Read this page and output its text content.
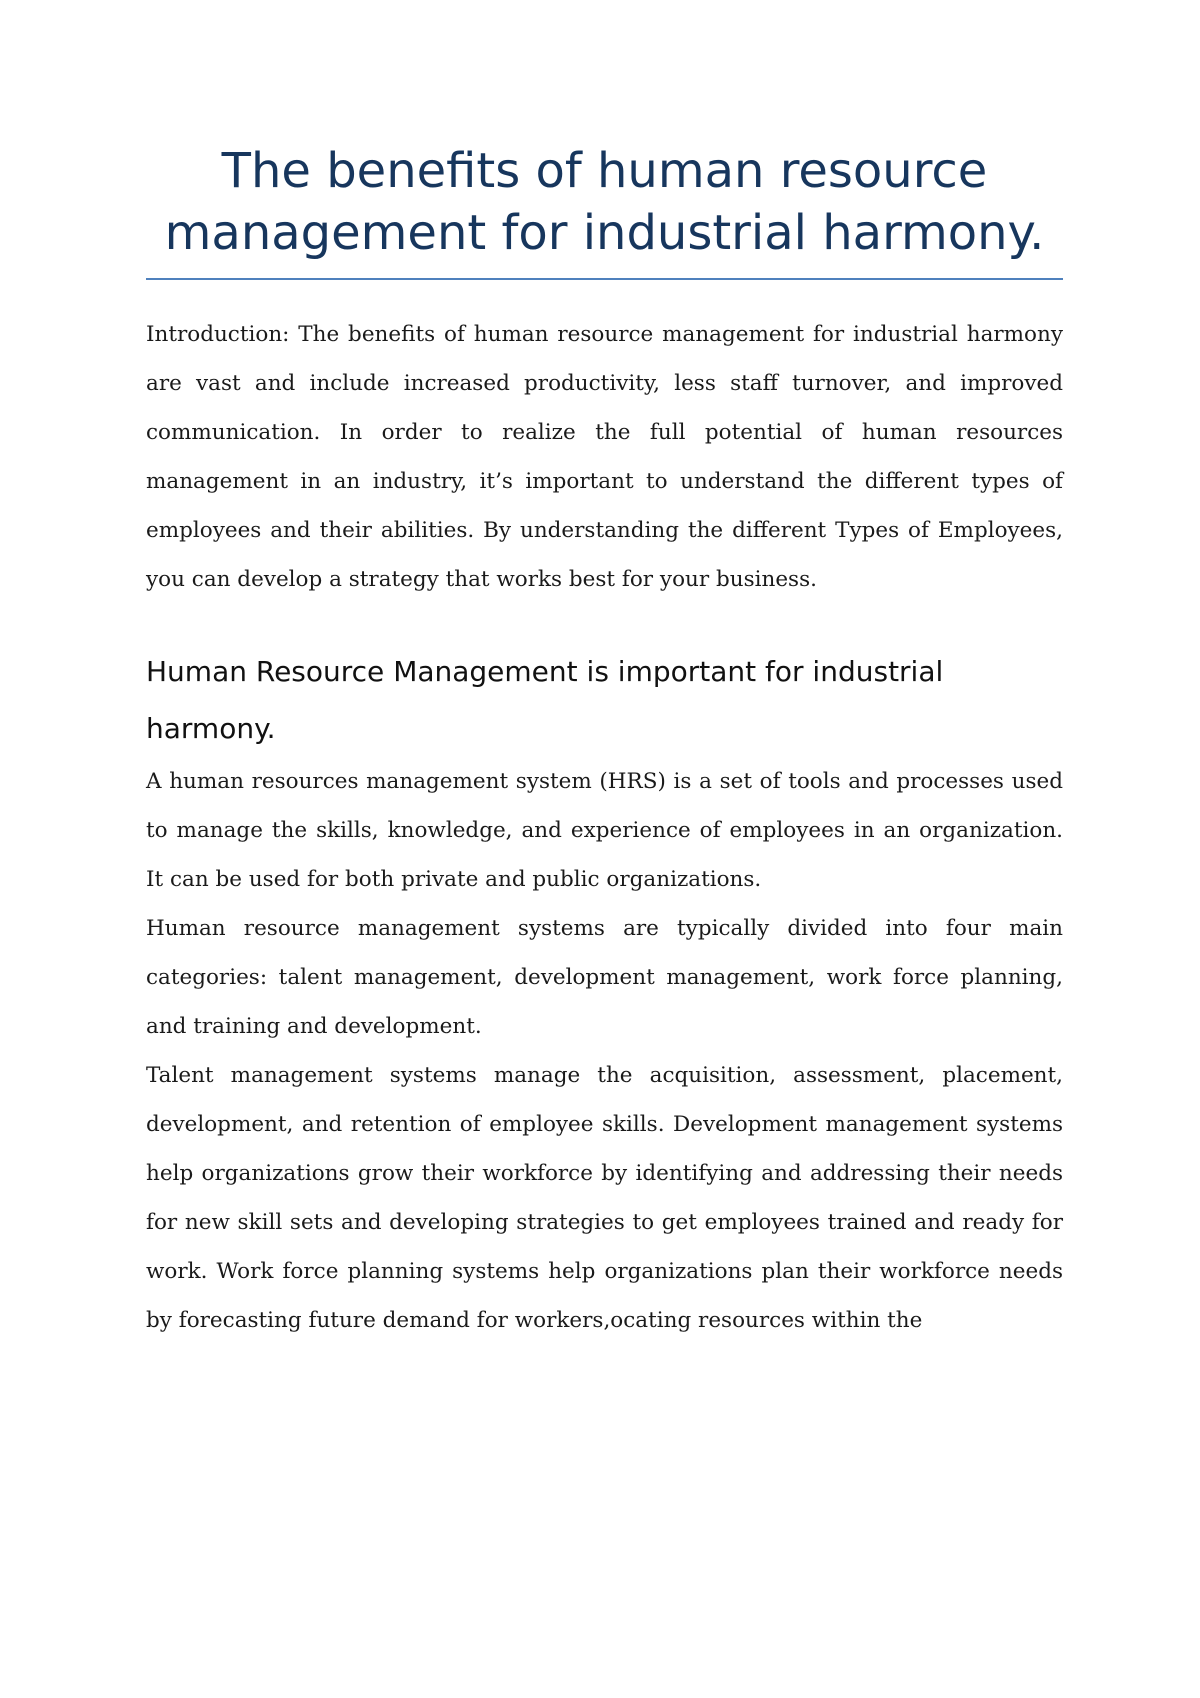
The benefits of human resource management for industrial harmony.

Introduction: The benefits of human resource management for industrial harmony are vast and include increased productivity, less staff turnover, and improved communication. In order to realize the full potential of human resources management in an industry, it’s important to understand the different types of employees and their abilities. By understanding the different Types of Employees, you can develop a strategy that works best for your business.

Human Resource Management is important for industrial harmony.

A human resources management system (HRS) is a set of tools and processes used to manage the skills, knowledge, and experience of employees in an organization. It can be used for both private and public organizations.

Human resource management systems are typically divided into four main categories: talent management, development management, work force planning, and training and development.

Talent management systems manage the acquisition, assessment, placement, development, and retention of employee skills. Development management systems help organizations grow their workforce by identifying and addressing their needs for new skill sets and developing strategies to get employees trained and ready for work. Work force planning systems help organizations plan their workforce needs by forecasting future demand for workers,ocating resources within the
